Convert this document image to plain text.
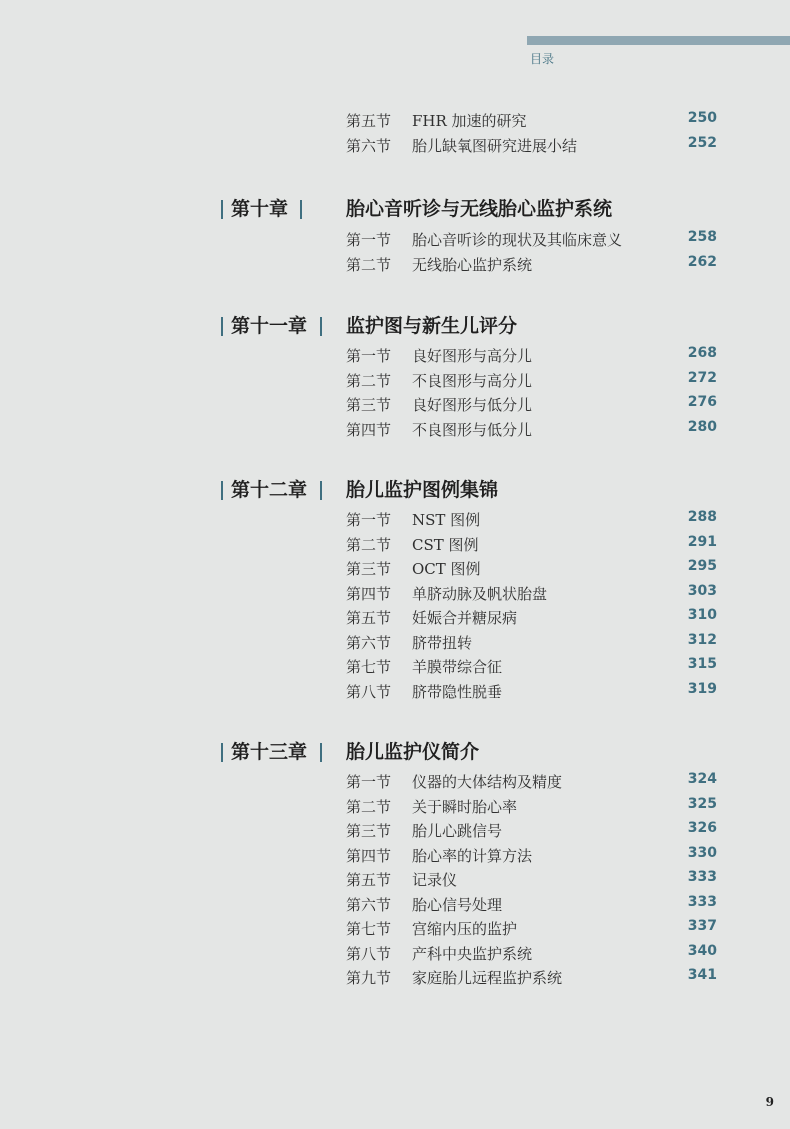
目录
第五节 FHR 加速的研究	250
第六节 胎儿缺氧图研究进展小结	252
第十章	胎心音听诊与无线胎心监护系统
第一节 胎心音听诊的现状及其临床意义	258
第二节 无线胎心监护系统	262
第十一章 监护图与新生儿评分
第一节 良好图形与高分儿	268
第二节 不良图形与高分儿	272
第三节 良好图形与低分儿	276
第四节 不良图形与低分儿	280
第十二章 胎儿监护图例集锦
第一节 NST 图例	288
第二节 CST 图例	291
第三节 OCT 图例	295
第四节 单脐动脉及帆状胎盘	303
第五节 妊娠合并糖尿病	310
第六节 脐带扭转	312
第七节 羊膜带综合征	315
第八节 脐带隐性脱垂	319
第十三章 胎儿监护仪简介
第一节 仪器的大体结构及精度	324
第二节 关于瞬时胎心率	325
第三节 胎儿心跳信号	326
第四节 胎心率的计算方法	330
第五节 记录仪	333
第六节 胎心信号处理	333
第七节 宫缩内压的监护	337
第八节 产科中央监护系统	340
第九节 家庭胎儿远程监护系统	341
9
